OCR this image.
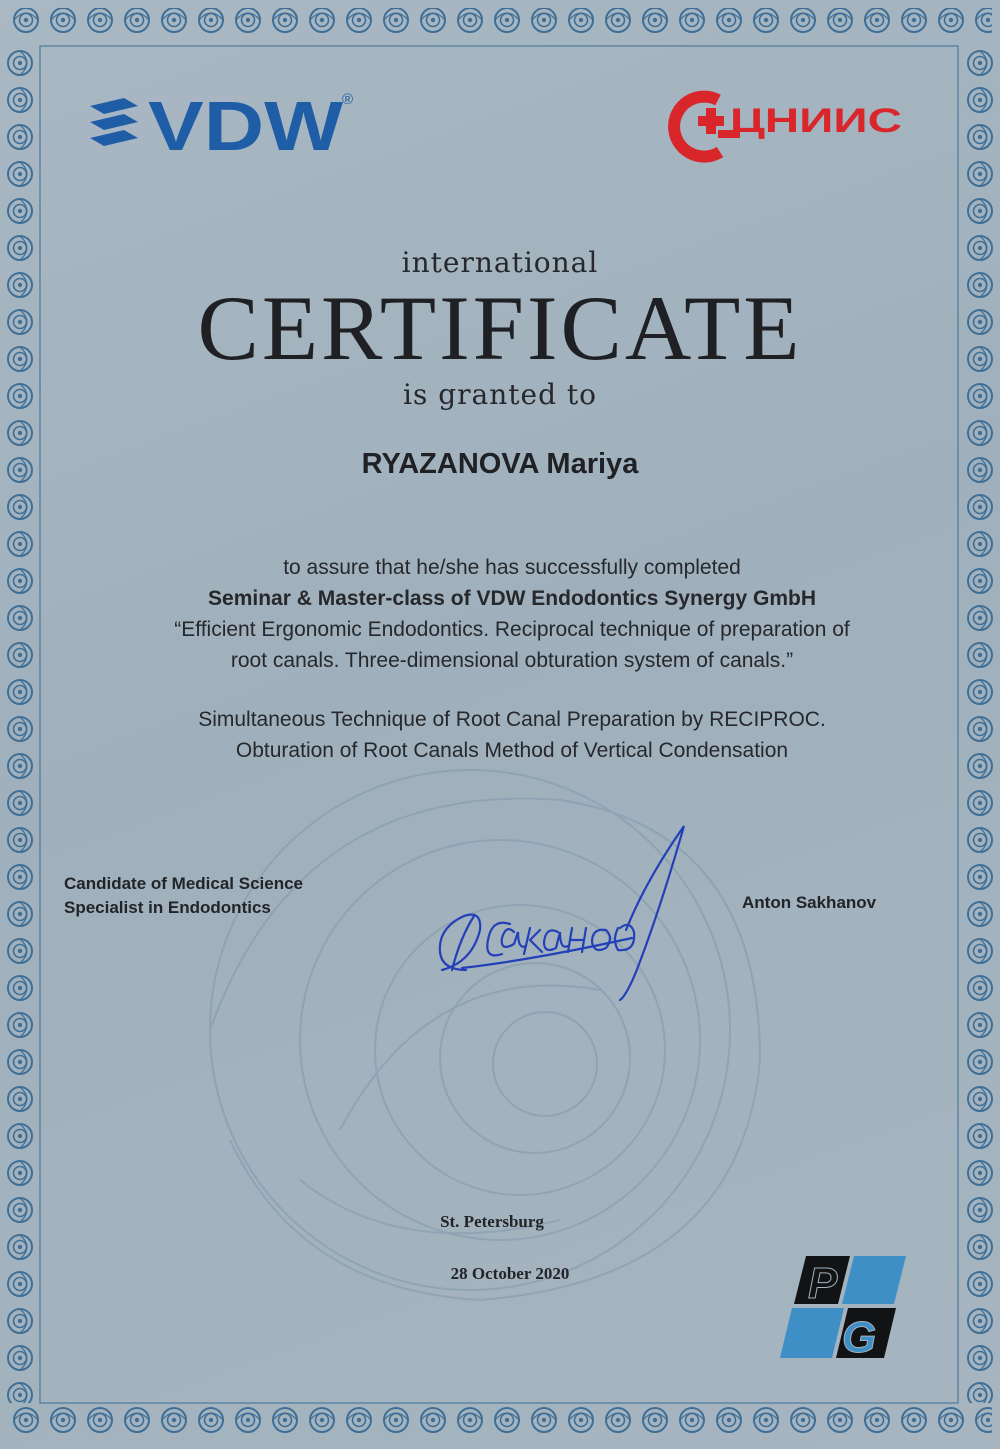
VDW ®
ЦНИИС
international
CERTIFICATE
is granted to
RYAZANOVA Mariya
to assure that he/she has successfully completed
Seminar & Master-class of VDW Endodontics Synergy GmbH
“Efficient Ergonomic Endodontics. Reciprocal technique of preparation of
root canals. Three-dimensional obturation system of canals.”
Simultaneous Technique of Root Canal Preparation by RECIPROC.
Obturation of Root Canals Method of Vertical Condensation
Candidate of Medical Science
Specialist in Endodontics
Сахано
Anton Sakhanov
St. Petersburg
28 October 2020	P
G
